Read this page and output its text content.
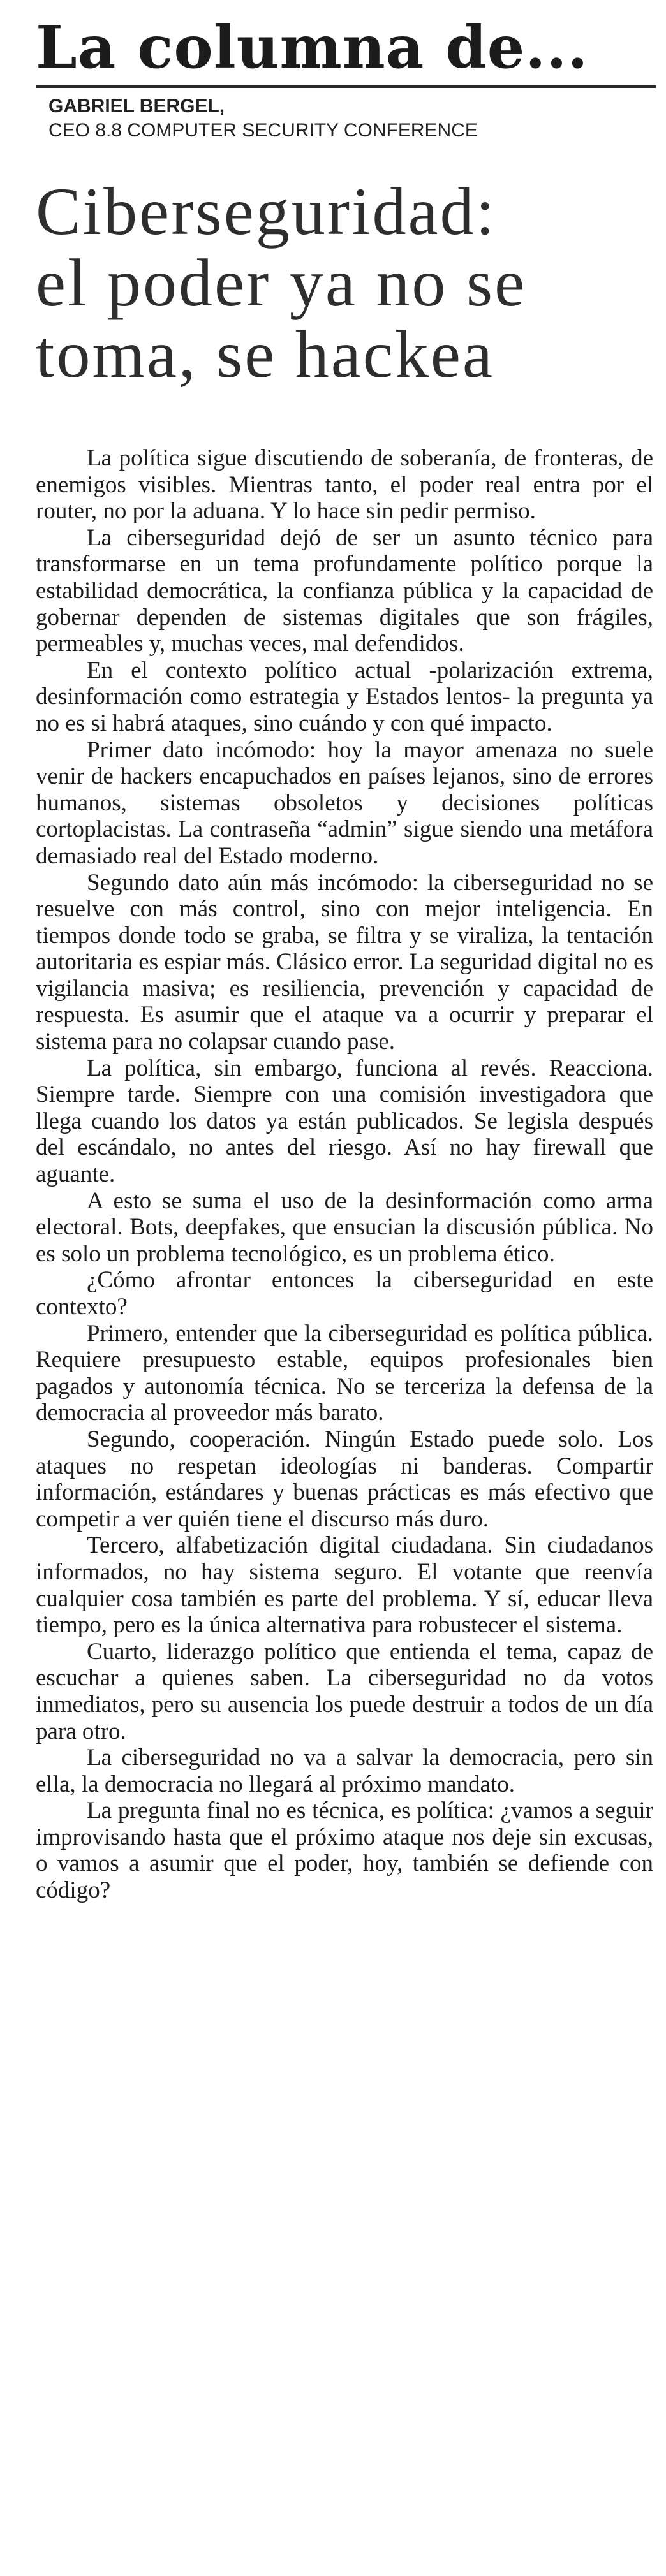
La columna de...
GABRIEL BERGEL,
CEO 8.8 COMPUTER SECURITY CONFERENCE
Ciberseguridad:
el poder ya no se
toma, se hackea

La política sigue discutiendo de soberanía, de fronteras, de enemigos visibles. Mientras tanto, el poder real entra por el router, no por la aduana. Y lo hace sin pedir permiso.

La ciberseguridad dejó de ser un asunto técnico para transformarse en un tema profundamente político porque la estabilidad democrática, la confianza pública y la capacidad de gobernar dependen de sistemas digitales que son frágiles, permeables y, muchas veces, mal defendidos.

En el contexto político actual -polarización extrema, desinformación como estrategia y Estados lentos- la pregunta ya no es si habrá ataques, sino cuándo y con qué impacto.

Primer dato incómodo: hoy la mayor amenaza no suele venir de hackers encapuchados en países lejanos, sino de errores humanos, sistemas obsoletos y decisiones políticas cortoplacistas. La contraseña “admin” sigue siendo una metáfora demasiado real del Estado moderno.

Segundo dato aún más incómodo: la ciberseguridad no se resuelve con más control, sino con mejor inteligencia. En tiempos donde todo se graba, se filtra y se viraliza, la tentación autoritaria es espiar más. Clásico error. La seguridad digital no es vigilancia masiva; es resiliencia, prevención y capacidad de respuesta. Es asumir que el ataque va a ocurrir y preparar el sistema para no colapsar cuando pase.

La política, sin embargo, funciona al revés. Reacciona. Siempre tarde. Siempre con una comisión investigadora que llega cuando los datos ya están publicados. Se legisla después del escándalo, no antes del riesgo. Así no hay firewall que aguante.

A esto se suma el uso de la desinformación como arma electoral. Bots, deepfakes, que ensucian la discusión pública. No es solo un problema tecnológico, es un problema ético.

¿Cómo afrontar entonces la ciberseguridad en este contexto?

Primero, entender que la ciberseguridad es política pública. Requiere presupuesto estable, equipos profesionales bien pagados y autonomía técnica. No se terceriza la defensa de la democracia al proveedor más barato.

Segundo, cooperación. Ningún Estado puede solo. Los ataques no respetan ideologías ni banderas. Compartir información, estándares y buenas prácticas es más efectivo que competir a ver quién tiene el discurso más duro.

Tercero, alfabetización digital ciudadana. Sin ciudadanos informados, no hay sistema seguro. El votante que reenvía cualquier cosa también es parte del problema. Y sí, educar lleva tiempo, pero es la única alternativa para robustecer el sistema.

Cuarto, liderazgo político que entienda el tema, capaz de escuchar a quienes saben. La ciberseguridad no da votos inmediatos, pero su ausencia los puede destruir a todos de un día para otro.

La ciberseguridad no va a salvar la democracia, pero sin ella, la democracia no llegará al próximo mandato.

La pregunta final no es técnica, es política: ¿vamos a seguir improvisando hasta que el próximo ataque nos deje sin excusas, o vamos a asumir que el poder, hoy, también se defiende con código?
